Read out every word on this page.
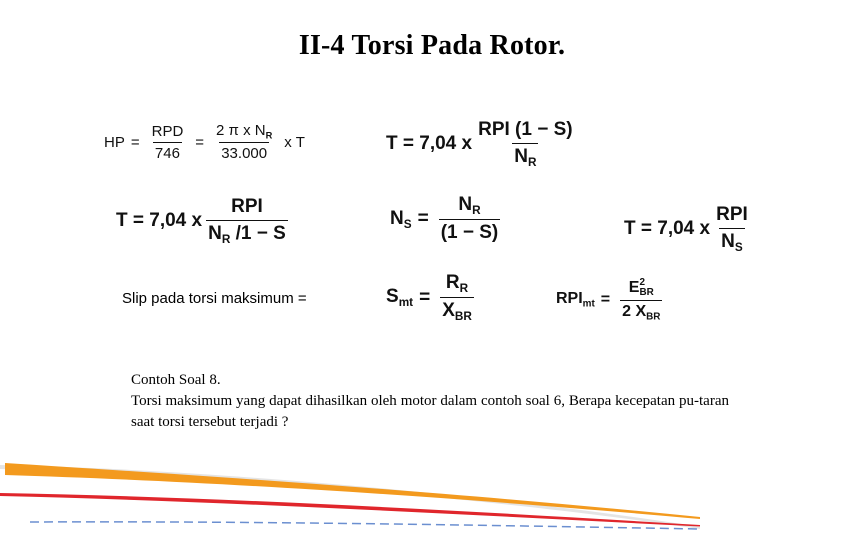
II-4 Torsi Pada Rotor.
HP = $\frac{\text{RPD}}{746} = \frac{2 \pi x N_R}{33.000}$ x T	T = 7,04 x $\frac{\text{RPI (1 − S)}}{N_R}$
T = 7,04 x $\frac{\text{RPI}}{N_R /1 - S}$	$N_S = \frac{N_R}{(1 - S)}$	T = 7,04 x $\frac{\text{RPI}}{N_S}$
Slip pada torsi maksimum =	$S_{mt} = \frac{R_R}{X_{BR}}$	$RPI_{mt} = E$ 2
BR
2 $X_{BR}$

Contoh Soal 8.

Torsi maksimum yang dapat dihasilkan oleh motor dalam contoh soal 6, Berapa kecepatan pu-taran saat torsi tersebut terjadi ?
